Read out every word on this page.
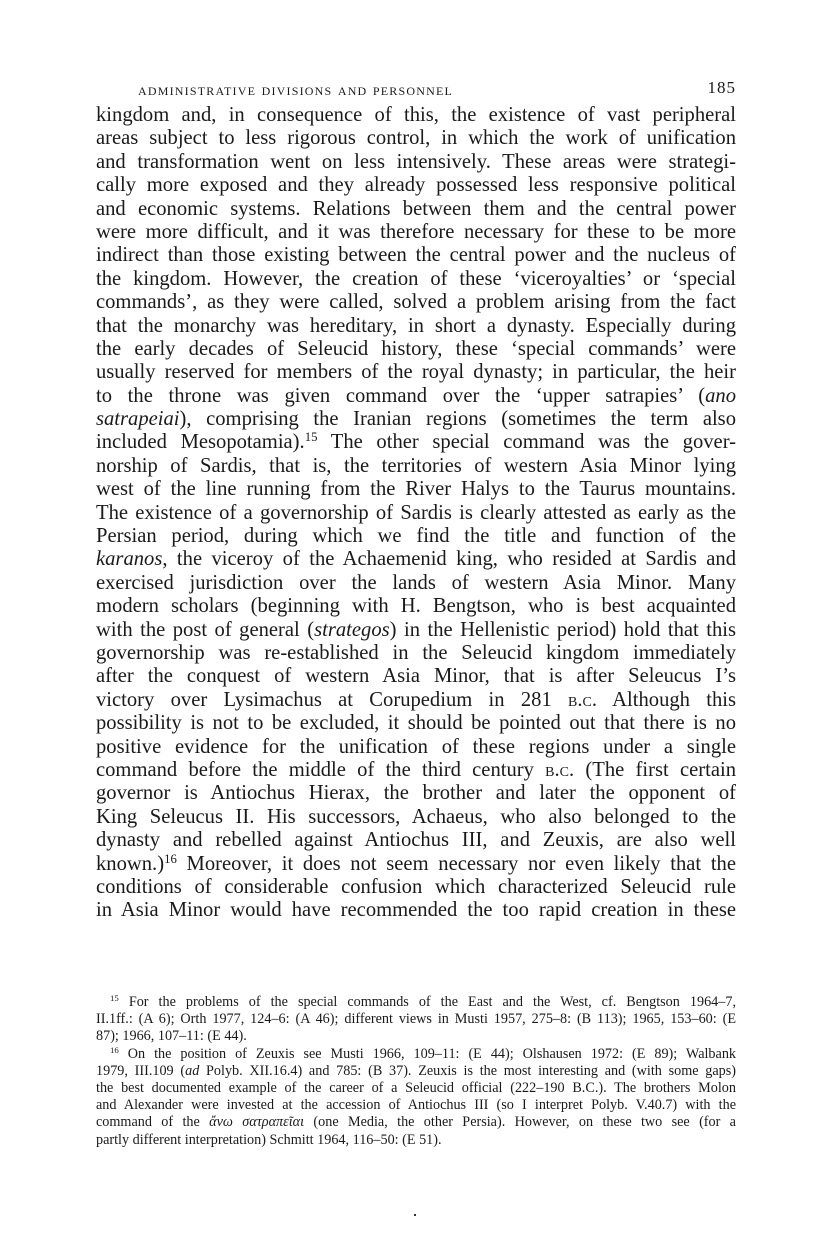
administrative divisions and personnel	185
kingdom and, in consequence of this, the existence of vast peripheral
areas subject to less rigorous control, in which the work of unification
and transformation went on less intensively. These areas were strategi-
cally more exposed and they already possessed less responsive political
and economic systems. Relations between them and the central power
were more difficult, and it was therefore necessary for these to be more
indirect than those existing between the central power and the nucleus of
the kingdom. However, the creation of these ‘viceroyalties’ or ‘special
commands’, as they were called, solved a problem arising from the fact
that the monarchy was hereditary, in short a dynasty. Especially during
the early decades of Seleucid history, these ‘special commands’ were
usually reserved for members of the royal dynasty; in particular, the heir
to the throne was given command over the ‘upper satrapies’ (ano
satrapeiai), comprising the Iranian regions (sometimes the term also
included Mesopotamia).$^{15}$ The other special command was the gover-
norship of Sardis, that is, the territories of western Asia Minor lying
west of the line running from the River Halys to the Taurus mountains.
The existence of a governorship of Sardis is clearly attested as early as the
Persian period, during which we find the title and function of the
karanos, the viceroy of the Achaemenid king, who resided at Sardis and
exercised jurisdiction over the lands of western Asia Minor. Many
modern scholars (beginning with H. Bengtson, who is best acquainted
with the post of general (strategos) in the Hellenistic period) hold that this
governorship was re-established in the Seleucid kingdom immediately
after the conquest of western Asia Minor, that is after Seleucus I’s
victory over Lysimachus at Corupedium in 281 b.c. Although this
possibility is not to be excluded, it should be pointed out that there is no
positive evidence for the unification of these regions under a single
command before the middle of the third century b.c. (The first certain
governor is Antiochus Hierax, the brother and later the opponent of
King Seleucus II. His successors, Achaeus, who also belonged to the
dynasty and rebelled against Antiochus III, and Zeuxis, are also well
known.)$^{16}$ Moreover, it does not seem necessary nor even likely that the
conditions of considerable confusion which characterized Seleucid rule
in Asia Minor would have recommended the too rapid creation in these
$^{15}$ For the problems of the special commands of the East and the West, cf. Bengtson 1964–7,
II.1ff.: (A 6); Orth 1977, 124–6: (A 46); different views in Musti 1957, 275–8: (B 113); 1965, 153–60: (E
87); 1966, 107–11: (E 44).
$^{16}$ On the position of Zeuxis see Musti 1966, 109–11: (E 44); Olshausen 1972: (E 89); Walbank
1979, III.109 (ad Polyb. XII.16.4) and 785: (B 37). Zeuxis is the most interesting and (with some gaps)
the best documented example of the career of a Seleucid official (222–190 B.C.). The brothers Molon
and Alexander were invested at the accession of Antiochus III (so I interpret Polyb. V.40.7) with the
command of the ἄνω σατραπεῖαι (one Media, the other Persia). However, on these two see (for a
partly different interpretation) Schmitt 1964, 116–50: (E 51).
